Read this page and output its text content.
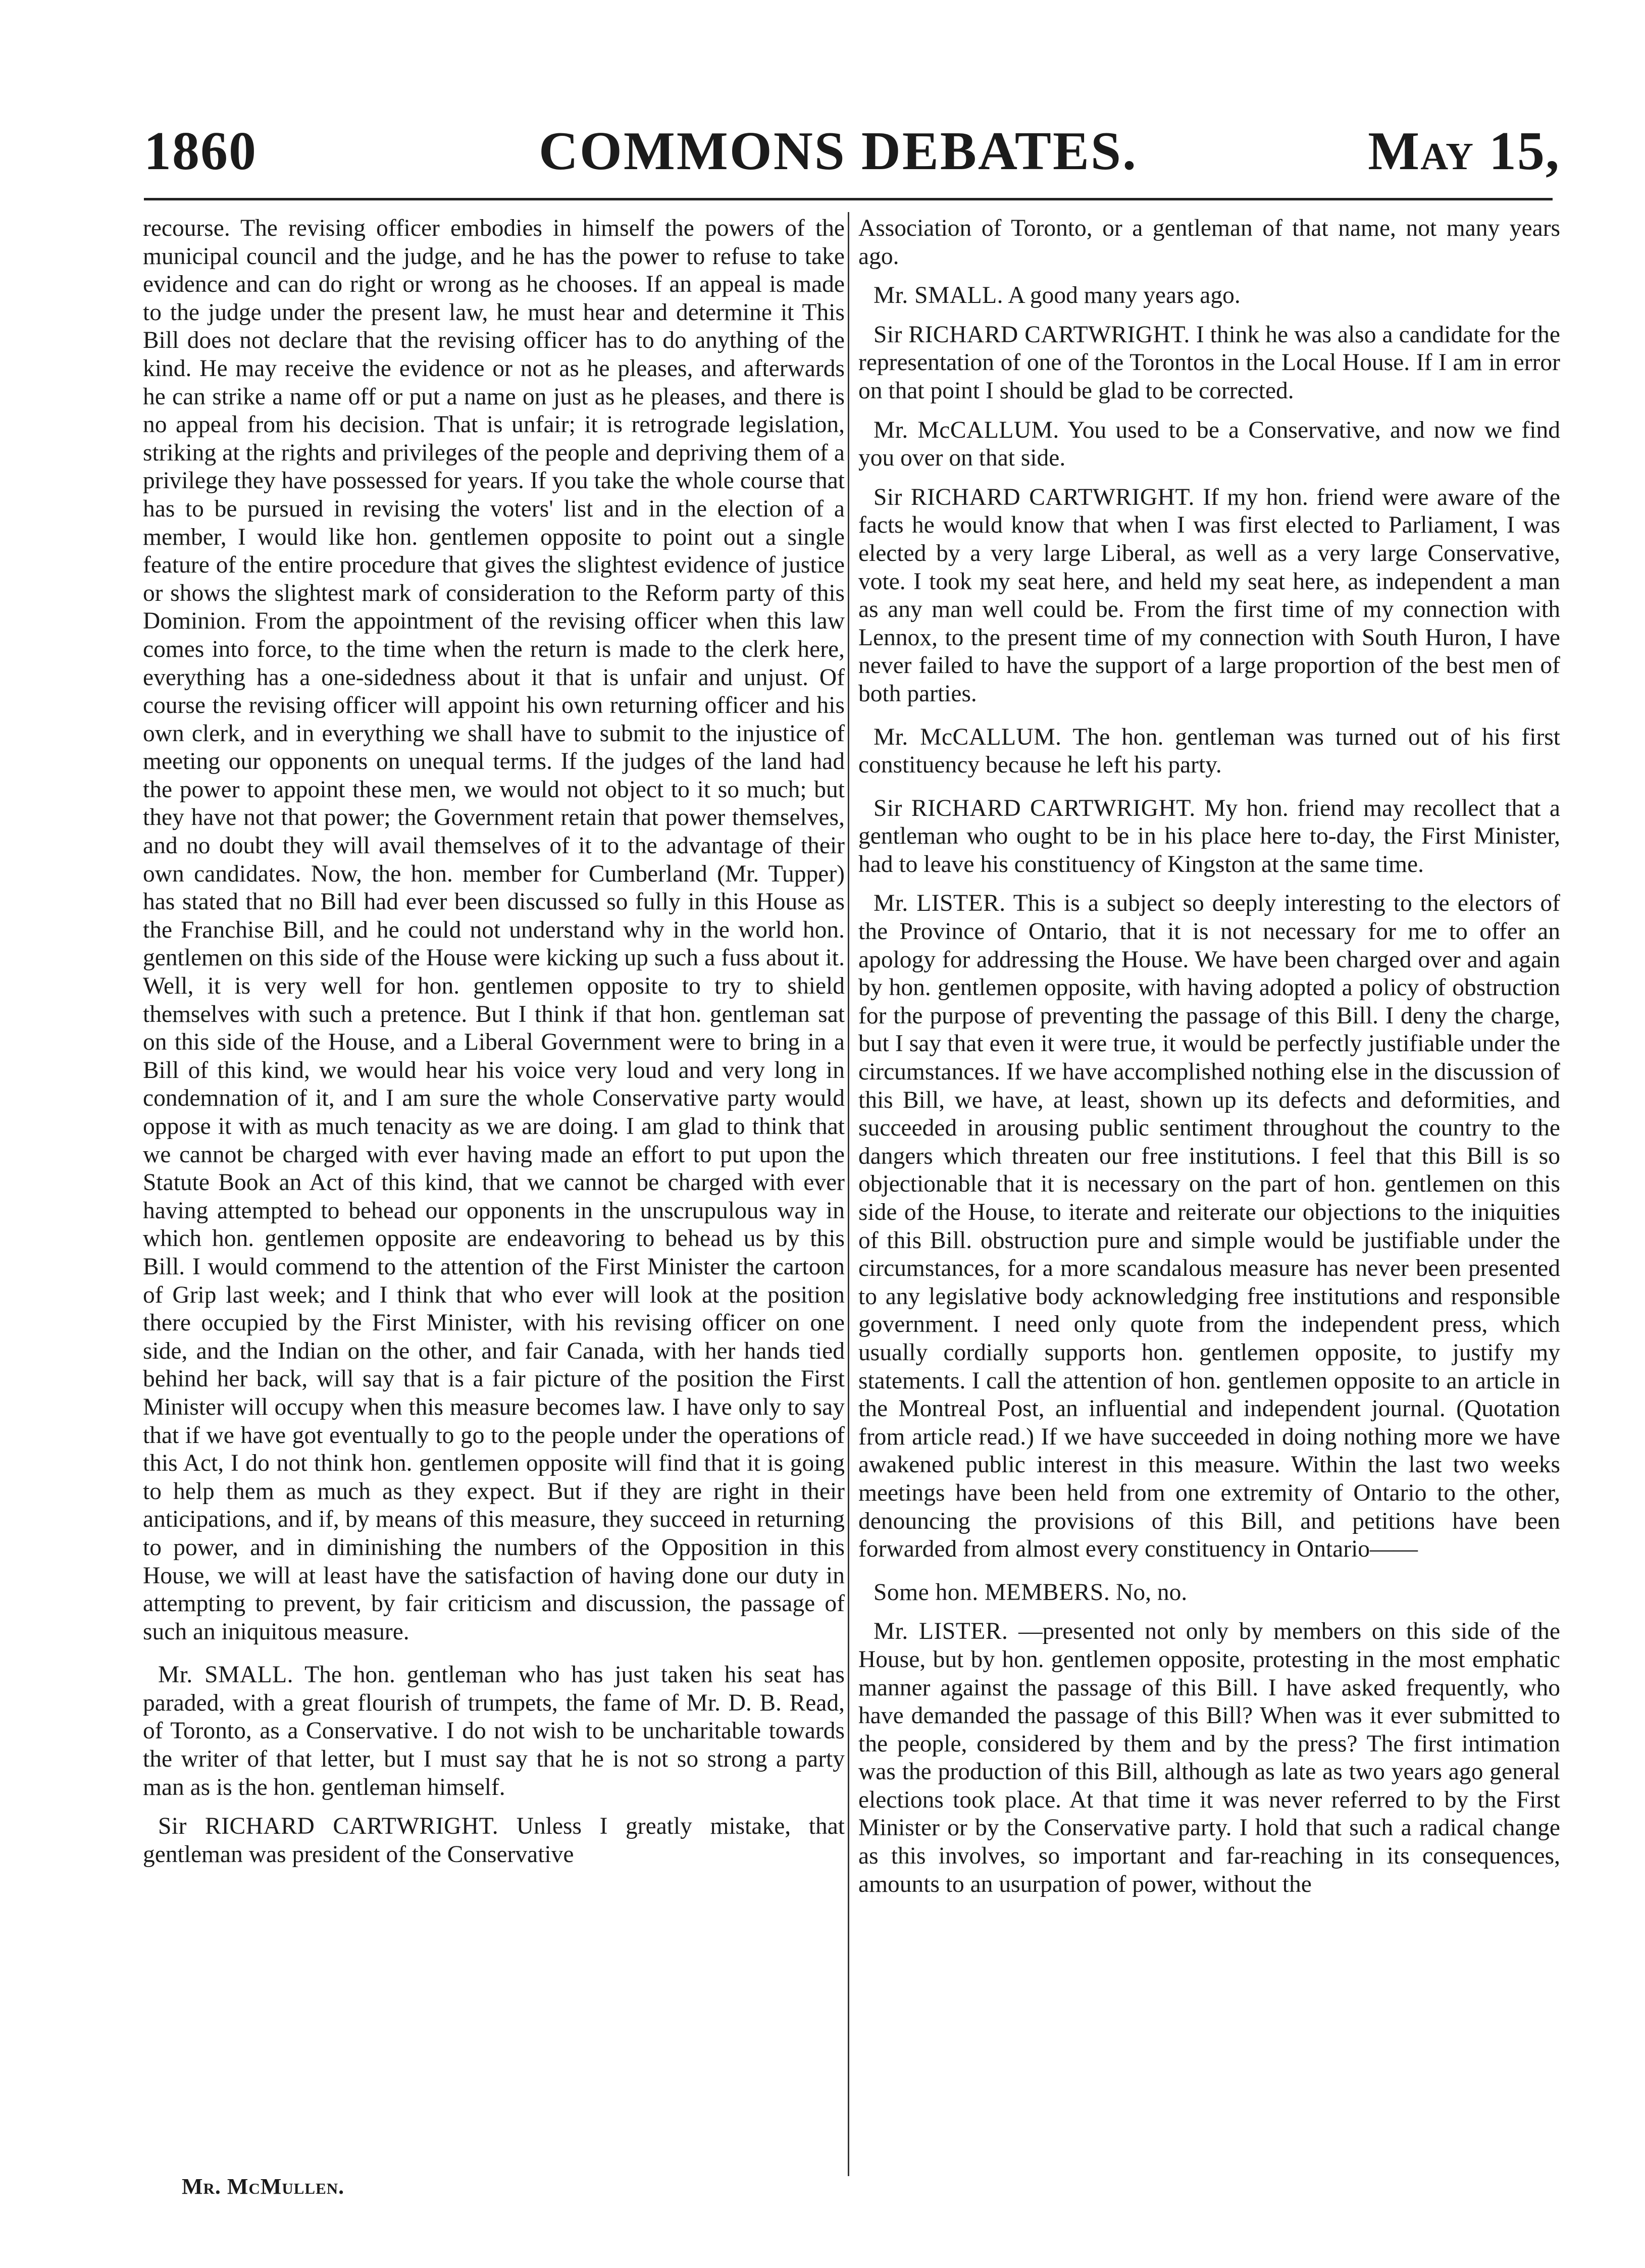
1860	COMMONS DEBATES.	May 15,

recourse. The revising officer embodies in himself the powers of the municipal council and the judge, and he has the power to refuse to take evidence and can do right or wrong as he chooses. If an appeal is made to the judge under the present law, he must hear and determine it This Bill does not declare that the revising officer has to do anything of the kind. He may receive the evidence or not as he pleases, and afterwards he can strike a name off or put a name on just as he pleases, and there is no appeal from his decision. That is unfair; it is retrograde legislation, striking at the rights and privileges of the people and depriving them of a privilege they have possessed for years. If you take the whole course that has to be pursued in revising the voters' list and in the election of a member, I would like hon. gentlemen opposite to point out a single feature of the entire procedure that gives the slightest evidence of justice or shows the slightest mark of consideration to the Reform party of this Dominion. From the appointment of the revising officer when this law comes into force, to the time when the return is made to the clerk here, everything has a one-sidedness about it that is unfair and unjust. Of course the revising officer will appoint his own returning officer and his own clerk, and in everything we shall have to submit to the injustice of meeting our opponents on unequal terms. If the judges of the land had the power to appoint these men, we would not object to it so much; but they have not that power; the Government retain that power themselves, and no doubt they will avail themselves of it to the advantage of their own candidates. Now, the hon. member for Cumberland (Mr. Tupper) has stated that no Bill had ever been discussed so fully in this House as the Franchise Bill, and he could not understand why in the world hon. gentlemen on this side of the House were kicking up such a fuss about it. Well, it is very well for hon. gentlemen opposite to try to shield themselves with such a pretence. But I think if that hon. gentleman sat on this side of the House, and a Liberal Government were to bring in a Bill of this kind, we would hear his voice very loud and very long in condemnation of it, and I am sure the whole Conservative party would oppose it with as much tenacity as we are doing. I am glad to think that we cannot be charged with ever having made an effort to put upon the Statute Book an Act of this kind, that we cannot be charged with ever having attempted to behead our opponents in the unscrupulous way in which hon. gentlemen opposite are endeavoring to behead us by this Bill. I would commend to the attention of the First Minister the cartoon of Grip last week; and I think that who ever will look at the position there occupied by the First Minister, with his revising officer on one side, and the Indian on the other, and fair Canada, with her hands tied behind her back, will say that is a fair picture of the position the First Minister will occupy when this measure becomes law. I have only to say that if we have got eventually to go to the people under the operations of this Act, I do not think hon. gentlemen opposite will find that it is going to help them as much as they expect. But if they are right in their anticipations, and if, by means of this measure, they succeed in returning to power, and in diminishing the numbers of the Opposition in this House, we will at least have the satisfaction of having done our duty in attempting to prevent, by fair criticism and discussion, the passage of such an iniquitous measure.

Mr. SMALL. The hon. gentleman who has just taken his seat has paraded, with a great flourish of trumpets, the fame of Mr. D. B. Read, of Toronto, as a Conservative. I do not wish to be uncharitable towards the writer of that letter, but I must say that he is not so strong a party man as is the hon. gentleman himself.

Sir RICHARD CARTWRIGHT. Unless I greatly mistake, that gentleman was president of the Conservative

Association of Toronto, or a gentleman of that name, not many years ago.

Mr. SMALL. A good many years ago.

Sir RICHARD CARTWRIGHT. I think he was also a candidate for the representation of one of the Torontos in the Local House. If I am in error on that point I should be glad to be corrected.

Mr. McCALLUM. You used to be a Conservative, and now we find you over on that side.

Sir RICHARD CARTWRIGHT. If my hon. friend were aware of the facts he would know that when I was first elected to Parliament, I was elected by a very large Liberal, as well as a very large Conservative, vote. I took my seat here, and held my seat here, as independent a man as any man well could be. From the first time of my connection with Lennox, to the present time of my connection with South Huron, I have never failed to have the support of a large proportion of the best men of both parties.

Mr. McCALLUM. The hon. gentleman was turned out of his first constituency because he left his party.

Sir RICHARD CARTWRIGHT. My hon. friend may recollect that a gentleman who ought to be in his place here to-day, the First Minister, had to leave his constituency of Kingston at the same time.

Mr. LISTER. This is a subject so deeply interesting to the electors of the Province of Ontario, that it is not necessary for me to offer an apology for addressing the House. We have been charged over and again by hon. gentlemen opposite, with having adopted a policy of obstruction for the purpose of preventing the passage of this Bill. I deny the charge, but I say that even it were true, it would be perfectly justifiable under the circumstances. If we have accomplished nothing else in the discussion of this Bill, we have, at least, shown up its defects and deformities, and succeeded in arousing public sentiment throughout the country to the dangers which threaten our free institutions. I feel that this Bill is so objectionable that it is necessary on the part of hon. gentlemen on this side of the House, to iterate and reiterate our objections to the iniquities of this Bill. obstruction pure and simple would be justifiable under the circumstances, for a more scandalous measure has never been presented to any legislative body acknowledging free institutions and responsible government. I need only quote from the independent press, which usually cordially supports hon. gentlemen opposite, to justify my statements. I call the attention of hon. gentlemen opposite to an article in the Montreal Post, an influential and independent journal. (Quotation from article read.) If we have succeeded in doing nothing more we have awakened public interest in this measure. Within the last two weeks meetings have been held from one extremity of Ontario to the other, denouncing the provisions of this Bill, and petitions have been forwarded from almost every constituency in Ontario——

Some hon. MEMBERS. No, no.

Mr. LISTER. —presented not only by members on this side of the House, but by hon. gentlemen opposite, protesting in the most emphatic manner against the passage of this Bill. I have asked frequently, who have demanded the passage of this Bill? When was it ever submitted to the people, considered by them and by the press? The first intimation was the production of this Bill, although as late as two years ago general elections took place. At that time it was never referred to by the First Minister or by the Conservative party. I hold that such a radical change as this involves, so important and far-reaching in its consequences, amounts to an usurpation of power, without the

Mr. McMullen.
